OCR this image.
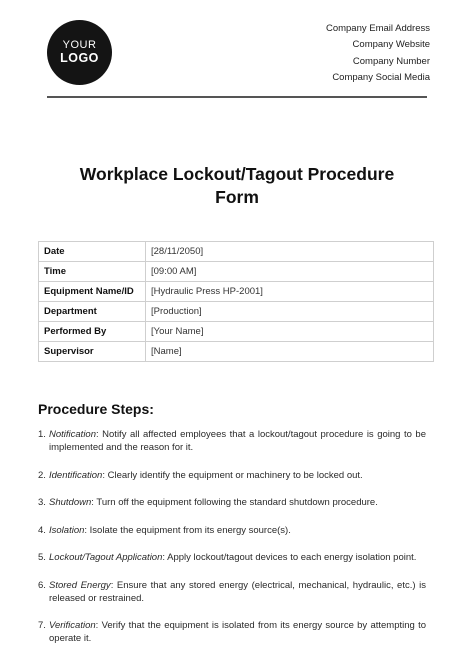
YOUR
LOGO
Company Email Address
Company Website
Company Number
Company Social Media
Workplace Lockout/Tagout Procedure
Form
Date	[28/11/2050]
Time	[09:00 AM]
Equipment Name/ID	[Hydraulic Press HP-2001]
Department	[Production]
Performed By	[Your Name]
Supervisor	[Name]
Procedure Steps:
1. Notification: Notify all affected employees that a lockout/tagout procedure is going to be implemented and the reason for it.
2. Identification: Clearly identify the equipment or machinery to be locked out.
3. Shutdown: Turn off the equipment following the standard shutdown procedure.
4. Isolation: Isolate the equipment from its energy source(s).
5. Lockout/Tagout Application: Apply lockout/tagout devices to each energy isolation point.
6. Stored Energy: Ensure that any stored energy (electrical, mechanical, hydraulic, etc.) is released or restrained.
7. Verification: Verify that the equipment is isolated from its energy source by attempting to operate it.
